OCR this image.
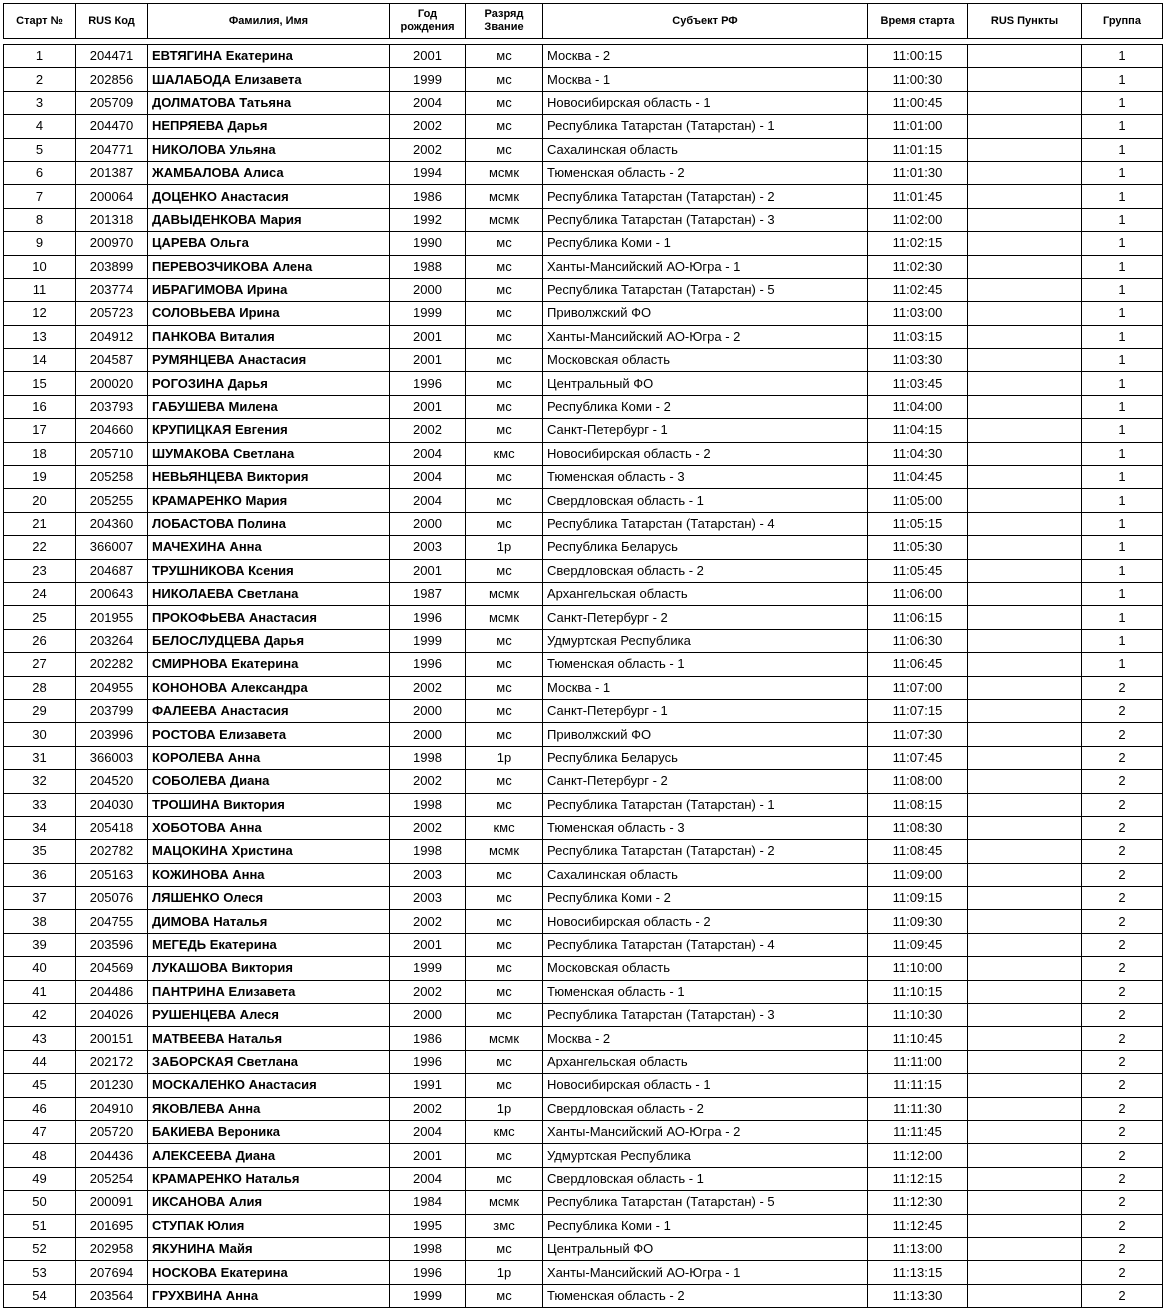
Старт №	RUS Код	Фамилия, Имя	Год рождения	Разряд Звание	Субъект РФ	Время старта	RUS Пункты	Группа

1	204471	ЕВТЯГИНА Екатерина	2001	мс	Москва - 2	11:00:15		1
2	202856	ШАЛАБОДА Елизавета	1999	мс	Москва - 1	11:00:30		1
3	205709	ДОЛМАТОВА Татьяна	2004	мс	Новосибирская область - 1	11:00:45		1
4	204470	НЕПРЯЕВА Дарья	2002	мс	Республика Татарстан (Татарстан) - 1	11:01:00		1
5	204771	НИКОЛОВА Ульяна	2002	мс	Сахалинская область	11:01:15		1
6	201387	ЖАМБАЛОВА Алиса	1994	мсмк	Тюменская область - 2	11:01:30		1
7	200064	ДОЦЕНКО Анастасия	1986	мсмк	Республика Татарстан (Татарстан) - 2	11:01:45		1
8	201318	ДАВЫДЕНКОВА Мария	1992	мсмк	Республика Татарстан (Татарстан) - 3	11:02:00		1
9	200970	ЦАРЕВА Ольга	1990	мс	Республика Коми - 1	11:02:15		1
10	203899	ПЕРЕВОЗЧИКОВА Алена	1988	мс	Ханты-Мансийский АО-Югра - 1	11:02:30		1
11	203774	ИБРАГИМОВА Ирина	2000	мс	Республика Татарстан (Татарстан) - 5	11:02:45		1
12	205723	СОЛОВЬЕВА Ирина	1999	мс	Приволжский ФО	11:03:00		1
13	204912	ПАНКОВА Виталия	2001	мс	Ханты-Мансийский АО-Югра - 2	11:03:15		1
14	204587	РУМЯНЦЕВА Анастасия	2001	мс	Московская область	11:03:30		1
15	200020	РОГОЗИНА Дарья	1996	мс	Центральный ФО	11:03:45		1
16	203793	ГАБУШЕВА Милена	2001	мс	Республика Коми - 2	11:04:00		1
17	204660	КРУПИЦКАЯ Евгения	2002	мс	Санкт-Петербург - 1	11:04:15		1
18	205710	ШУМАКОВА Светлана	2004	кмс	Новосибирская область - 2	11:04:30		1
19	205258	НЕВЬЯНЦЕВА Виктория	2004	мс	Тюменская область - 3	11:04:45		1
20	205255	КРАМАРЕНКО Мария	2004	мс	Свердловская область - 1	11:05:00		1
21	204360	ЛОБАСТОВА Полина	2000	мс	Республика Татарстан (Татарстан) - 4	11:05:15		1
22	366007	МАЧЕХИНА Анна	2003	1р	Республика Беларусь	11:05:30		1
23	204687	ТРУШНИКОВА Ксения	2001	мс	Свердловская область - 2	11:05:45		1
24	200643	НИКОЛАЕВА Светлана	1987	мсмк	Архангельская область	11:06:00		1
25	201955	ПРОКОФЬЕВА Анастасия	1996	мсмк	Санкт-Петербург - 2	11:06:15		1
26	203264	БЕЛОСЛУДЦЕВА Дарья	1999	мс	Удмуртская Республика	11:06:30		1
27	202282	СМИРНОВА Екатерина	1996	мс	Тюменская область - 1	11:06:45		1
28	204955	КОНОНОВА Александра	2002	мс	Москва - 1	11:07:00		2
29	203799	ФАЛЕЕВА Анастасия	2000	мс	Санкт-Петербург - 1	11:07:15		2
30	203996	РОСТОВА Елизавета	2000	мс	Приволжский ФО	11:07:30		2
31	366003	КОРОЛЕВА Анна	1998	1р	Республика Беларусь	11:07:45		2
32	204520	СОБОЛЕВА Диана	2002	мс	Санкт-Петербург - 2	11:08:00		2
33	204030	ТРОШИНА Виктория	1998	мс	Республика Татарстан (Татарстан) - 1	11:08:15		2
34	205418	ХОБОТОВА Анна	2002	кмс	Тюменская область - 3	11:08:30		2
35	202782	МАЦОКИНА Христина	1998	мсмк	Республика Татарстан (Татарстан) - 2	11:08:45		2
36	205163	КОЖИНОВА Анна	2003	мс	Сахалинская область	11:09:00		2
37	205076	ЛЯШЕНКО Олеся	2003	мс	Республика Коми - 2	11:09:15		2
38	204755	ДИМОВА Наталья	2002	мс	Новосибирская область - 2	11:09:30		2
39	203596	МЕГЕДЬ Екатерина	2001	мс	Республика Татарстан (Татарстан) - 4	11:09:45		2
40	204569	ЛУКАШОВА Виктория	1999	мс	Московская область	11:10:00		2
41	204486	ПАНТРИНА Елизавета	2002	мс	Тюменская область - 1	11:10:15		2
42	204026	РУШЕНЦЕВА Алеся	2000	мс	Республика Татарстан (Татарстан) - 3	11:10:30		2
43	200151	МАТВЕЕВА Наталья	1986	мсмк	Москва - 2	11:10:45		2
44	202172	ЗАБОРСКАЯ Светлана	1996	мс	Архангельская область	11:11:00		2
45	201230	МОСКАЛЕНКО Анастасия	1991	мс	Новосибирская область - 1	11:11:15		2
46	204910	ЯКОВЛЕВА Анна	2002	1р	Свердловская область - 2	11:11:30		2
47	205720	БАКИЕВА Вероника	2004	кмс	Ханты-Мансийский АО-Югра - 2	11:11:45		2
48	204436	АЛЕКСЕЕВА Диана	2001	мс	Удмуртская Республика	11:12:00		2
49	205254	КРАМАРЕНКО Наталья	2004	мс	Свердловская область - 1	11:12:15		2
50	200091	ИКСАНОВА Алия	1984	мсмк	Республика Татарстан (Татарстан) - 5	11:12:30		2
51	201695	СТУПАК Юлия	1995	змс	Республика Коми - 1	11:12:45		2
52	202958	ЯКУНИНА Майя	1998	мс	Центральный ФО	11:13:00		2
53	207694	НОСКОВА Екатерина	1996	1р	Ханты-Мансийский АО-Югра - 1	11:13:15		2
54	203564	ГРУХВИНА Анна	1999	мс	Тюменская область - 2	11:13:30		2
